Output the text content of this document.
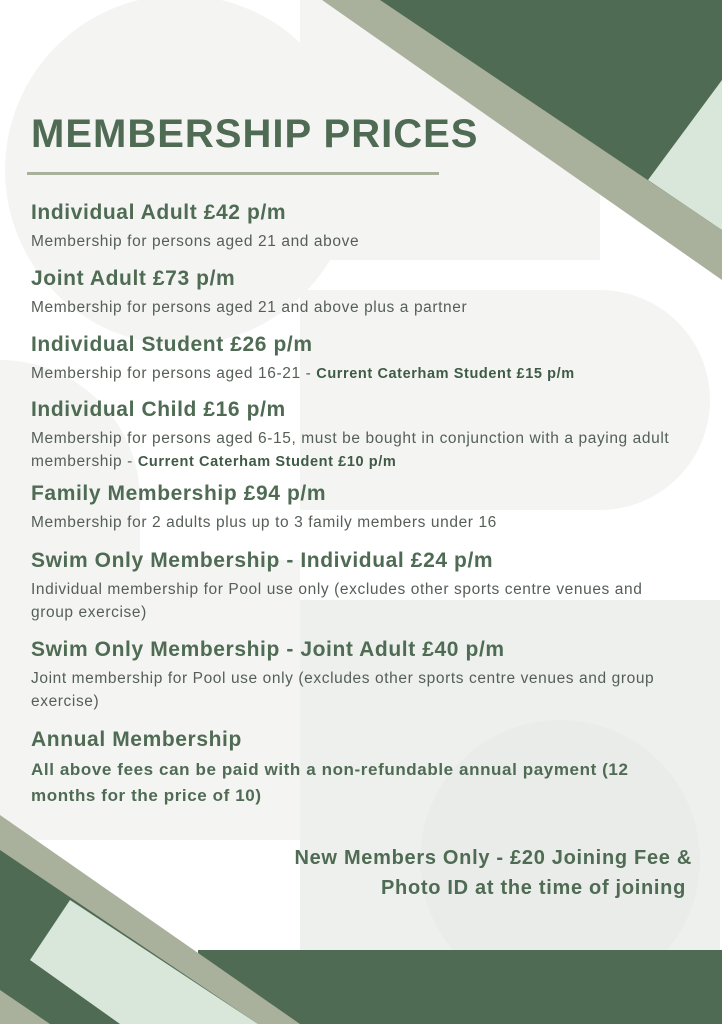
MEMBERSHIP PRICES

Individual Adult £42 p/m

Membership for persons aged 21 and above

Joint Adult £73 p/m

Membership for persons aged 21 and above plus a partner

Individual Student £26 p/m

Membership for persons aged 16-21 - Current Caterham Student £15 p/m

Individual Child £16 p/m

Membership for persons aged 6-15, must be bought in conjunction with a paying adult membership - Current Caterham Student £10 p/m

Family Membership £94 p/m

Membership for 2 adults plus up to 3 family members under 16

Swim Only Membership - Individual £24 p/m

Individual membership for Pool use only (excludes other sports centre venues and group exercise)

Swim Only Membership - Joint Adult £40 p/m

Joint membership for Pool use only (excludes other sports centre venues and group exercise)

Annual Membership

All above fees can be paid with a non-refundable annual payment (12 months for the price of 10)

New Members Only - £20 Joining Fee &
Photo ID at the time of joining
